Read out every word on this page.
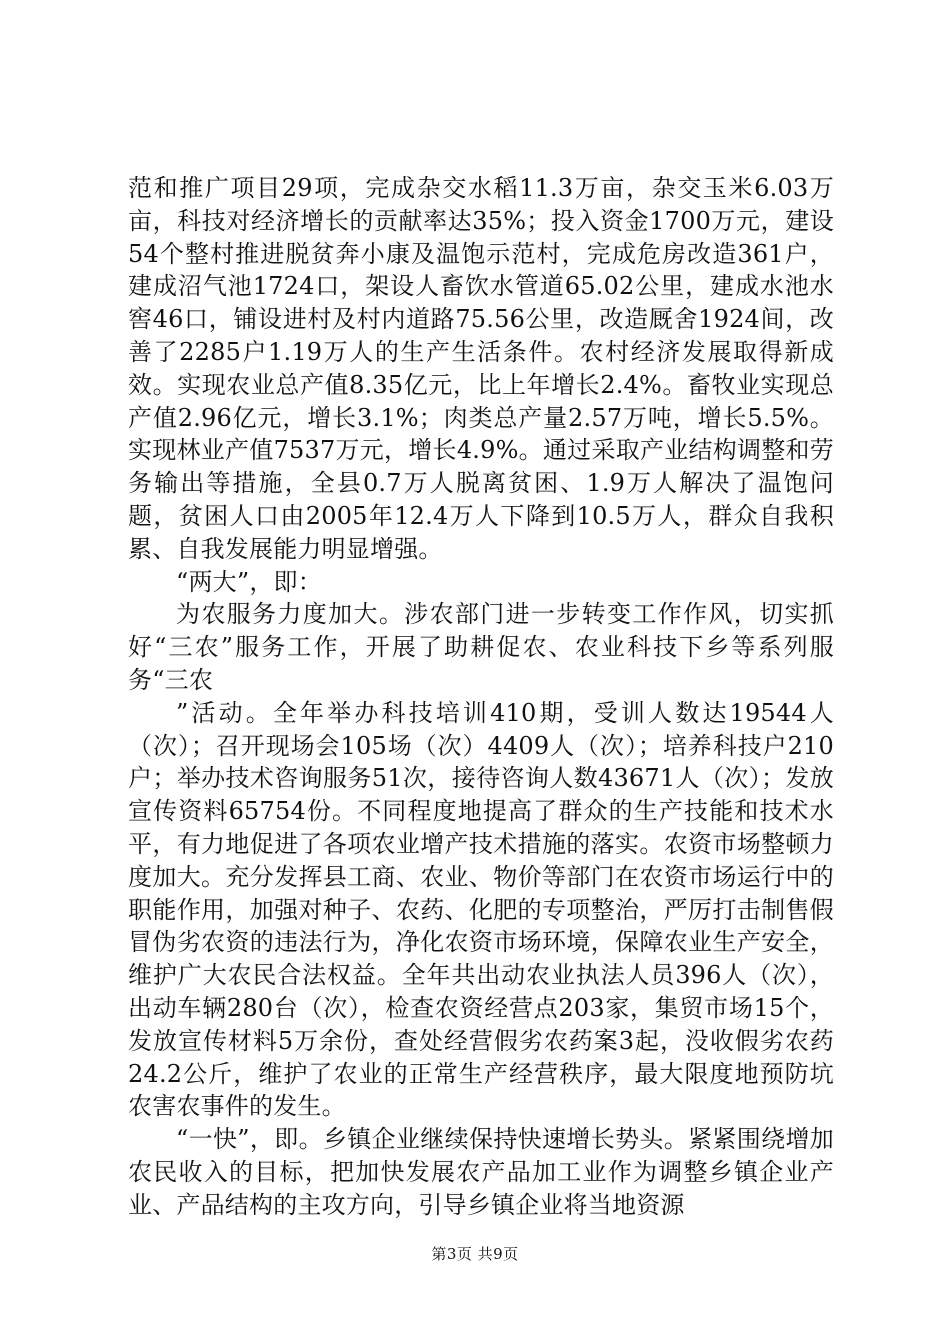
范和推广项目29项，完成杂交水稻11.3万亩，杂交玉米6.03万亩，科技对经济增长的贡献率达35%；投入资金1700万元，建设54个整村推进脱贫奔小康及温饱示范村，完成危房改造361户，建成沼气池1724口，架设人畜饮水管道65.02公里，建成水池水窖46口，铺设进村及村内道路75.56公里，改造厩舍1924间，改善了2285户1.19万人的生产生活条件。农村经济发展取得新成效。实现农业总产值8.35亿元，比上年增长2.4%。畜牧业实现总产值2.96亿元，增长3.1%；肉类总产量2.57万吨，增长5.5%。实现林业产值7537万元，增长4.9%。通过采取产业结构调整和劳务输出等措施，全县0.7万人脱离贫困、1.9万人解决了温饱问题，贫困人口由2005年12.4万人下降到10.5万人，群众自我积累、自我发展能力明显增强。

“两大”，即：

为农服务力度加大。涉农部门进一步转变工作作风，切实抓好“三农”服务工作，开展了助耕促农、农业科技下乡等系列服务“三农

”活动。全年举办科技培训410期，受训人数达19544人（次）；召开现场会105场（次）4409人（次）；培养科技户210户；举办技术咨询服务51次，接待咨询人数43671人（次）；发放宣传资料65754份。不同程度地提高了群众的生产技能和技术水平，有力地促进了各项农业增产技术措施的落实。农资市场整顿力度加大。充分发挥县工商、农业、物价等部门在农资市场运行中的职能作用，加强对种子、农药、化肥的专项整治，严厉打击制售假冒伪劣农资的违法行为，净化农资市场环境，保障农业生产安全，维护广大农民合法权益。全年共出动农业执法人员396人（次），出动车辆280台（次），检查农资经营点203家，集贸市场15个，发放宣传材料5万余份，查处经营假劣农药案3起，没收假劣农药24.2公斤，维护了农业的正常生产经营秩序，最大限度地预防坑农害农事件的发生。

“一快”，即。乡镇企业继续保持快速增长势头。紧紧围绕增加农民收入的目标，把加快发展农产品加工业作为调整乡镇企业产业、产品结构的主攻方向，引导乡镇企业将当地资源

第3页 共9页
